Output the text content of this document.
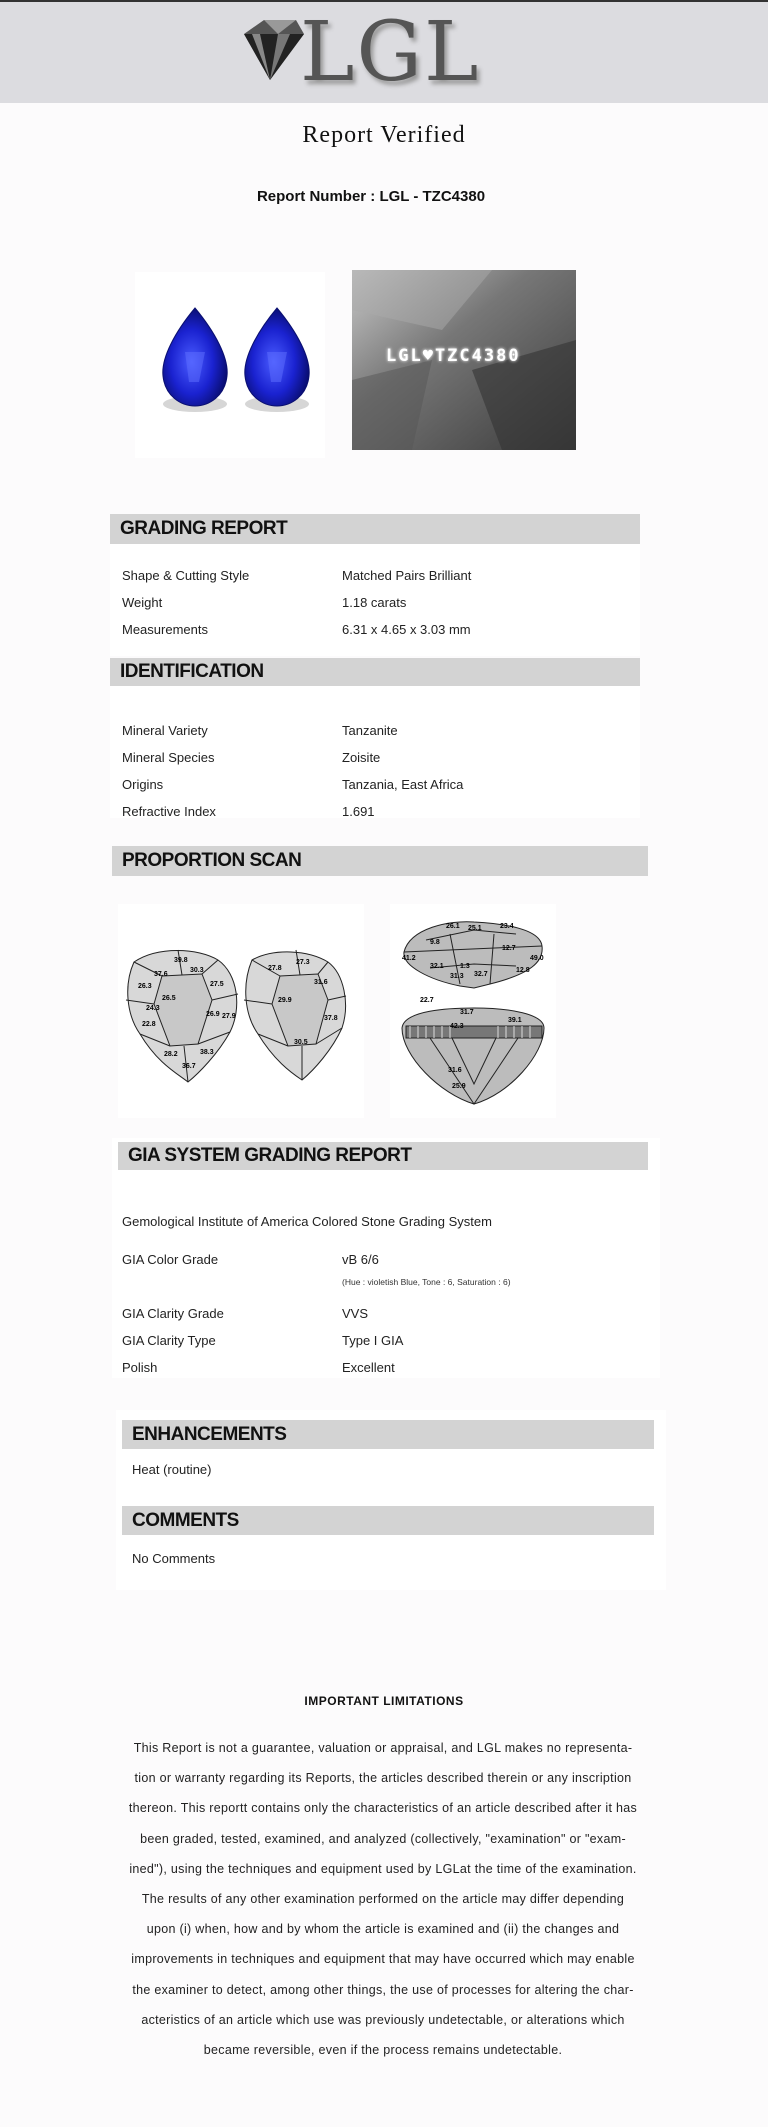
LGL
Report Verified
Report Number : LGL - TZC4380
LGL♥TZC4380
GRADING REPORT
Shape & Cutting Style	Matched Pairs Brilliant
Weight	1.18 carats
Measurements	6.31 x 4.65 x 3.03 mm
IDENTIFICATION
Mineral Variety	Tanzanite
Mineral Species	Zoisite
Origins	Tanzania, East Africa
Refractive Index	1.691
PROPORTION SCAN
39.8
30.3
37.6
26.3	27.5
26.5
24.3
22.8
26.9
28.2
36.7
38.3
27.9
27.8
27.3
31.6
29.9
37.8
30.5
26.1 25.1	23.4
9.8
12.7
41.2	49.0
12.8
32.1
31.3 32.7
1.3
22.7
31.7
42.3
39.1
25.9
31.6
GIA SYSTEM GRADING REPORT
Gemological Institute of America Colored Stone Grading System
GIA Color Grade	vB 6/6
(Hue : violetish Blue, Tone : 6, Saturation : 6)
GIA Clarity Grade	VVS
GIA Clarity Type	Type I GIA
Polish	Excellent
ENHANCEMENTS
Heat (routine)
COMMENTS
No Comments
IMPORTANT LIMITATIONS
This Report is not a guarantee, valuation or appraisal, and LGL makes no representa-
tion or warranty regarding its Reports, the articles described therein or any inscription
thereon. This reportt contains only the characteristics of an article described after it has
been graded, tested, examined, and analyzed (collectively, "examination" or "exam-
ined"), using the techniques and equipment used by LGLat the time of the examination.
The results of any other examination performed on the article may differ depending
upon (i) when, how and by whom the article is examined and (ii) the changes and
improvements in techniques and equipment that may have occurred which may enable
the examiner to detect, among other things, the use of processes for altering the char-
acteristics of an article which use was previously undetectable, or alterations which
became reversible, even if the process remains undetectable.
